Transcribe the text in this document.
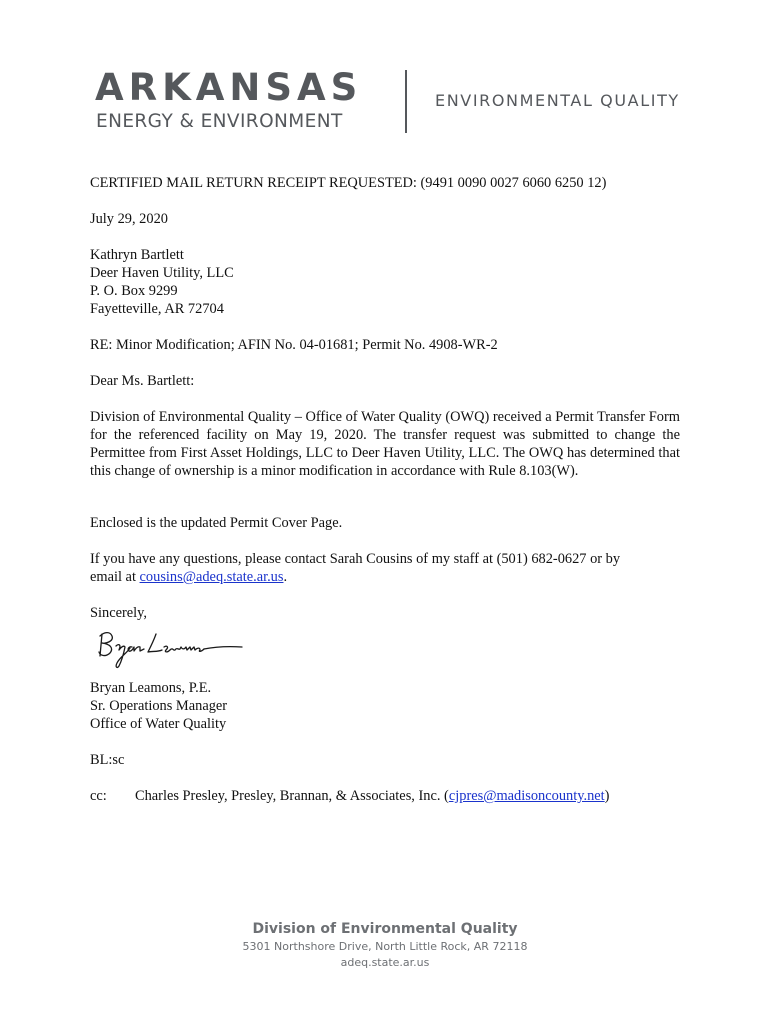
ARKANSAS
ENERGY & ENVIRONMENT
ENVIRONMENTAL QUALITY
CERTIFIED MAIL RETURN RECEIPT REQUESTED: (9491 0090 0027 6060 6250 12)
July 29, 2020
Kathryn Bartlett
Deer Haven Utility, LLC
P. O. Box 9299
Fayetteville, AR 72704
RE: Minor Modification; AFIN No. 04-01681; Permit No. 4908-WR-2
Dear Ms. Bartlett:
Division of Environmental Quality – Office of Water Quality (OWQ) received a Permit Transfer Form for the referenced facility on May 19, 2020. The transfer request was submitted to change the Permittee from First Asset Holdings, LLC to Deer Haven Utility, LLC. The OWQ has determined that this change of ownership is a minor modification in accordance with Rule 8.103(W).
Enclosed is the updated Permit Cover Page.
If you have any questions, please contact Sarah Cousins of my staff at (501) 682-0627 or by
email at cousins@adeq.state.ar.us.
Sincerely,
Bryan Leamons, P.E.
Sr. Operations Manager
Office of Water Quality
BL:sc
cc: Charles Presley, Presley, Brannan, & Associates, Inc. (cjpres@madisoncounty.net)
Division of Environmental Quality
5301 Northshore Drive, North Little Rock, AR 72118
adeq.state.ar.us
